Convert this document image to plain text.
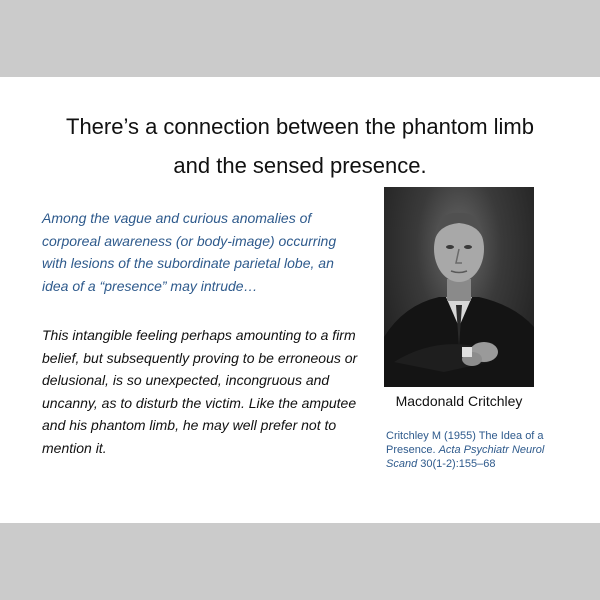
There’s a connection between the phantom limb
and the sensed presence.
Among the vague and curious anomalies of
corporeal awareness (or body-image) occurring
with lesions of the subordinate parietal lobe, an
idea of a “presence” may intrude…
This intangible feeling perhaps amounting to a firm
belief, but subsequently proving to be erroneous or
delusional, is so unexpected, incongruous and
uncanny, as to disturb the victim. Like the amputee
and his phantom limb, he may well prefer not to
mention it.
Macdonald Critchley
Critchley M (1955) The Idea of a
Presence. Acta Psychiatr Neurol
Scand 30(1-2):155–68
